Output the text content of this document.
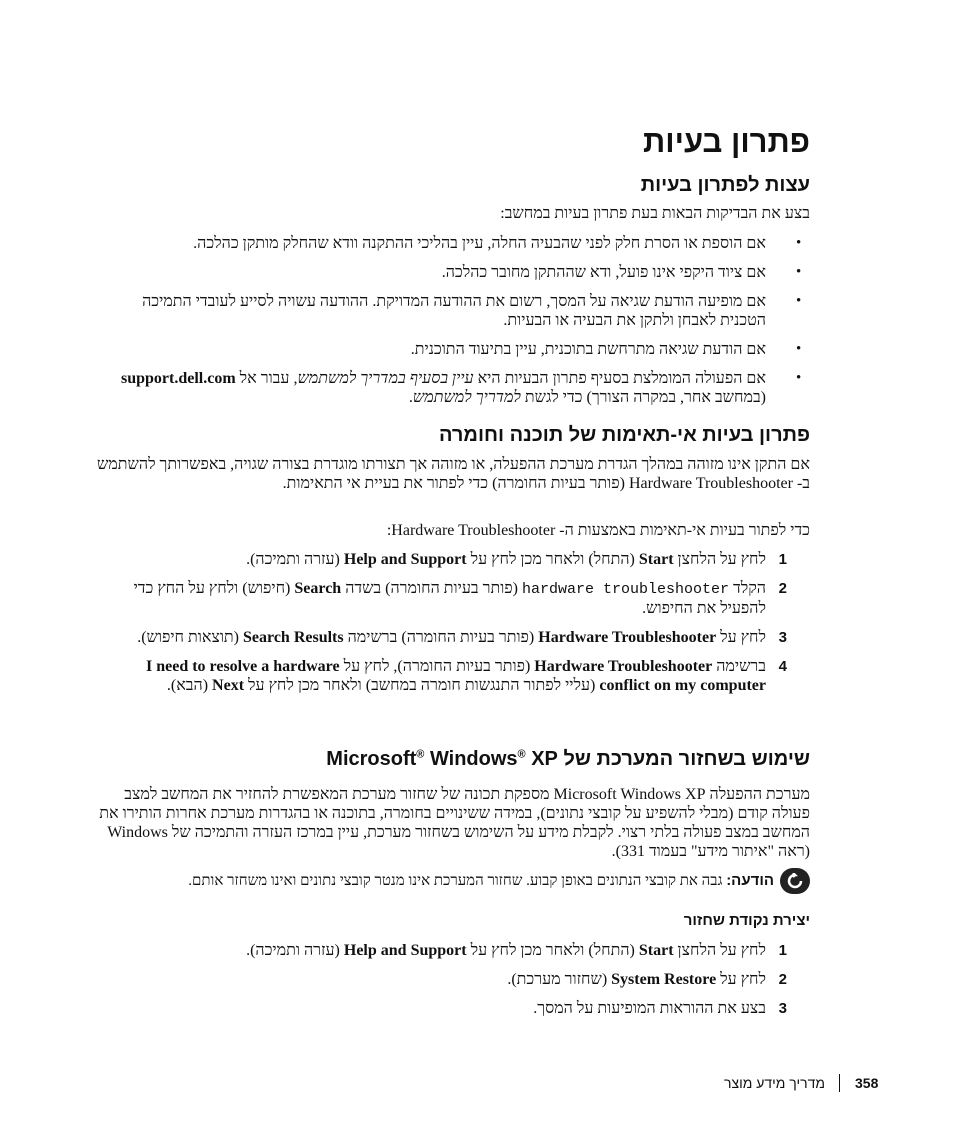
פתרון בעיות
עצות לפתרון בעיות

בצע את הבדיקות הבאות בעת פתרון בעיות במחשב:

• אם הוספת או הסרת חלק לפני שהבעיה החלה, עיין בהליכי ההתקנה וודא שהחלק מותקן כהלכה.
• אם ציוד היקפי אינו פועל, ודא שההתקן מחובר כהלכה.
• אם מופיעה הודעת שגיאה על המסך, רשום את ההודעה המדויקת. ההודעה עשויה לסייע לעובדי התמיכה הטכנית לאבחן ולתקן את הבעיה או הבעיות.
• אם הודעת שגיאה מתרחשת בתוכנית, עיין בתיעוד התוכנית.
• אם הפעולה המומלצת בסעיף פתרון הבעיות היא עיין בסעיף במדריך למשתמש, עבור אל support.dell.com (במחשב אחר, במקרה הצורך) כדי לגשת למדריך למשתמש.
פתרון בעיות אי-תאימות של תוכנה וחומרה

אם התקן אינו מזוהה במהלך הגדרת מערכת ההפעלה, או מזוהה אך תצורתו מוגדרת בצורה שגויה, באפשרותך להשתמש ב- Hardware Troubleshooter (פותר בעיות החומרה) כדי לפתור את בעיית אי התאימות.

כדי לפתור בעיות אי-תאימות באמצעות ה- Hardware Troubleshooter:

1
לחץ על הלחצן Start (התחל) ולאחר מכן לחץ על Help and Support (עזרה ותמיכה).
2
הקלד hardware troubleshooter (פותר בעיות החומרה) בשדה Search (חיפוש) ולחץ על החץ כדי להפעיל את החיפוש.
3
לחץ על Hardware Troubleshooter (פותר בעיות החומרה) ברשימה Search Results (תוצאות חיפוש).
4
ברשימה Hardware Troubleshooter (פותר בעיות החומרה), לחץ על I need to resolve a hardware conflict on my computer (עליי לפתור התנגשות חומרה במחשב) ולאחר מכן לחץ על Next (הבא).
שימוש בשחזור המערכת של Microsoft® Windows® XP

מערכת ההפעלה Microsoft Windows XP מספקת תכונה של שחזור מערכת המאפשרת להחזיר את המחשב למצב פעולה קודם (מבלי להשפיע על קובצי נתונים), במידה ששינויים בחומרה, בתוכנה או בהגדרות מערכת אחרות הותירו את המחשב במצב פעולה בלתי רצוי. לקבלת מידע על השימוש בשחזור מערכת, עיין במרכז העזרה והתמיכה של Windows (ראה "איתור מידע" בעמוד 331).

הודעה: גבה את קובצי הנתונים באופן קבוע. שחזור המערכת אינו מנטר קובצי נתונים ואינו משחזר אותם.
יצירת נקודת שחזור
1
לחץ על הלחצן Start (התחל) ולאחר מכן לחץ על Help and Support (עזרה ותמיכה).
2
לחץ על System Restore (שחזור מערכת).
3
בצע את ההוראות המופיעות על המסך.
מדריך מידע מוצר 358
